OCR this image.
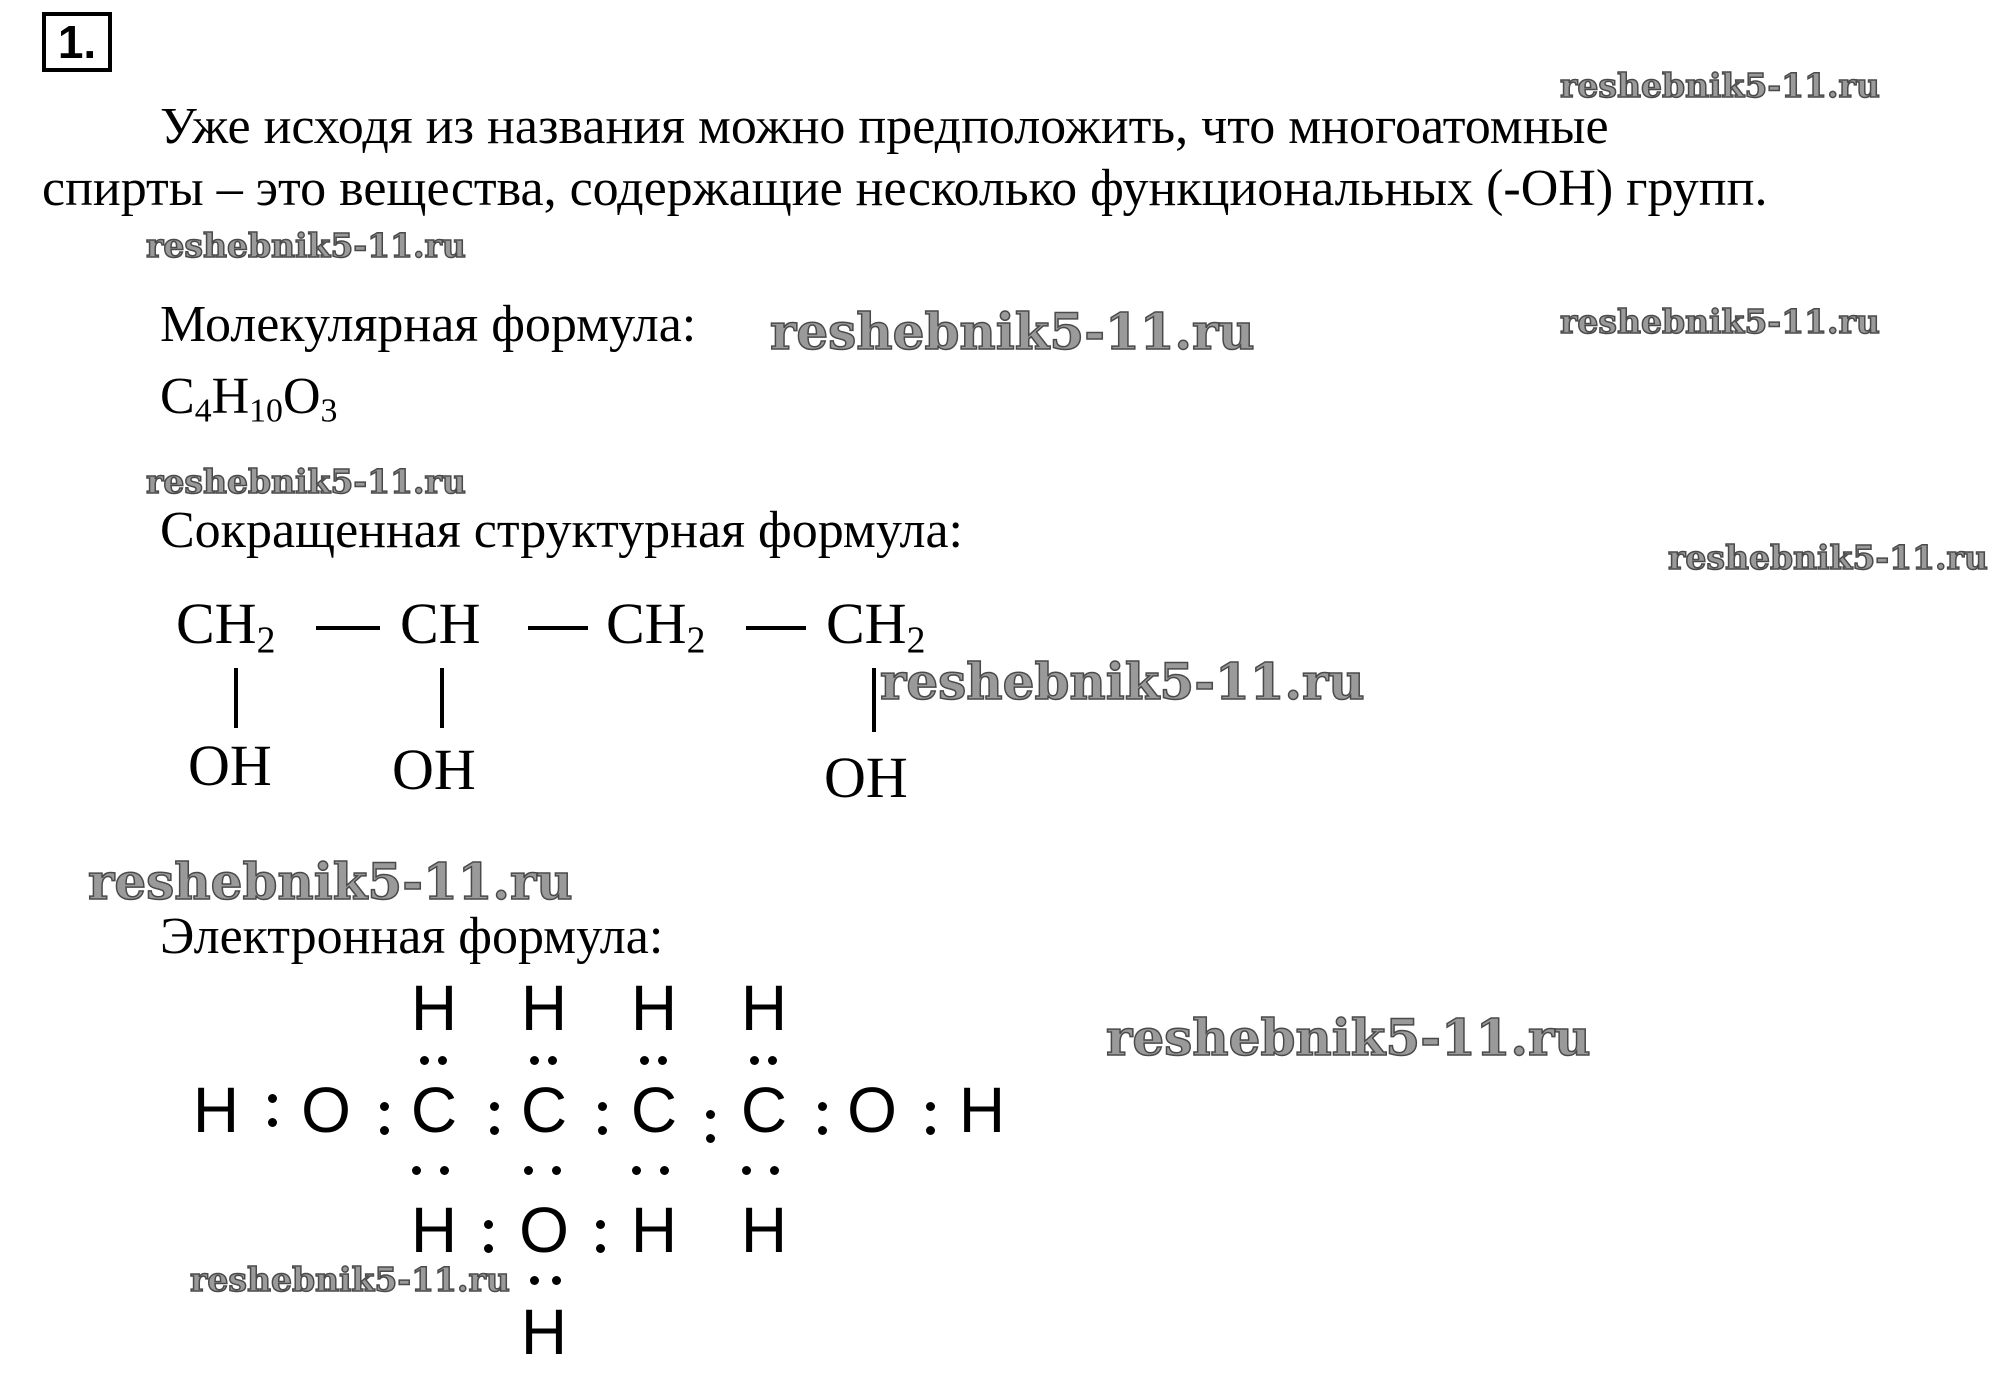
1.
Уже исходя из названия можно предположить, что многоатомные
спирты – это вещества, содержащие несколько функциональных (-OH) групп.
Молекулярная формула:
$C_4H_{10}O_3$
Сокращенная структурная формула:
$CH_2$ CH $CH_2$ $CH_2$
OH OH	OH
Электронная формула:
H H H H
H O C C C C O H
H O H H
H
reshebnik5-11.ru
reshebnik5-11.ru
reshebnik5-11.ru	reshebnik5-11.ru
reshebnik5-11.ru
reshebnik5-11.ru
reshebnik5-11.ru
reshebnik5-11.ru
reshebnik5-11.ru
reshebnik5-11.ru
